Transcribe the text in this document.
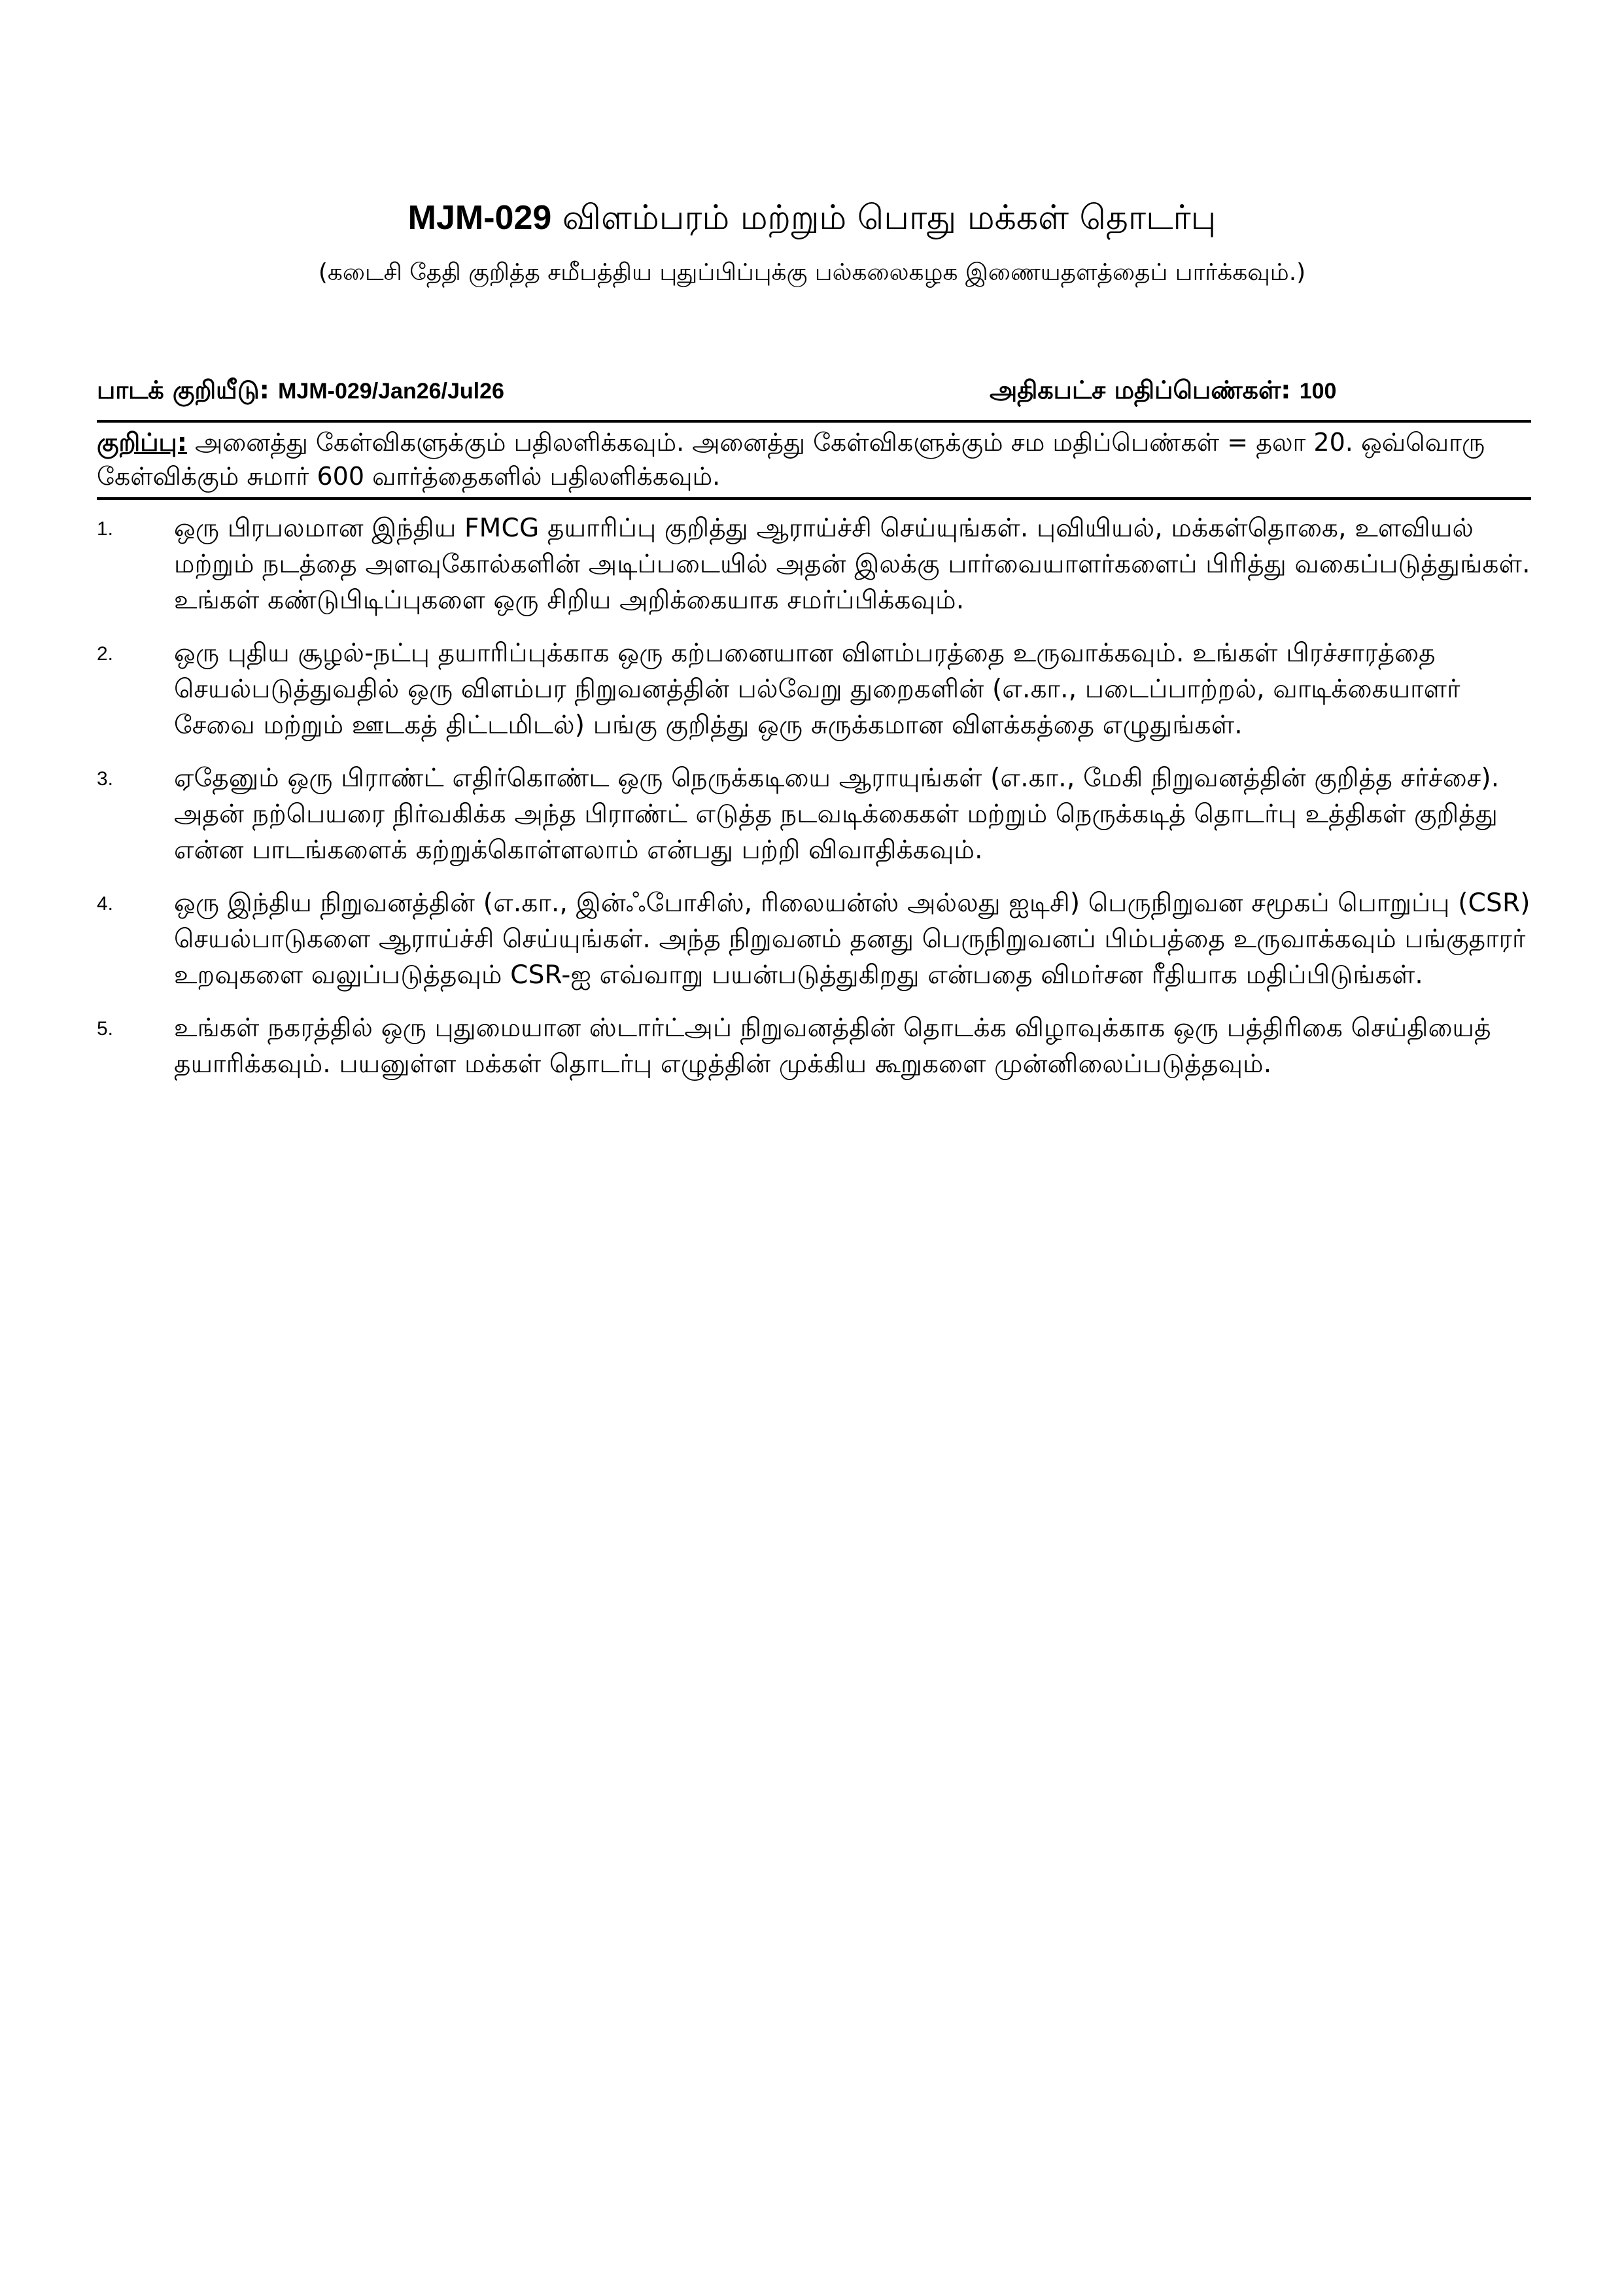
MJM-029 விளம்பரம் மற்றும் பொது மக்கள் தொடர்பு
(கடைசி தேதி குறித்த சமீபத்திய புதுப்பிப்புக்கு பல்கலைகழக இணையதளத்தைப் பார்க்கவும்.)
பாடக் குறியீடு: MJM-029/Jan26/Jul26	அதிகபட்ச மதிப்பெண்கள்: 100
குறிப்பு: அனைத்து கேள்விகளுக்கும் பதிலளிக்கவும். அனைத்து கேள்விகளுக்கும் சம மதிப்பெண்கள் = தலா 20. ஒவ்வொரு கேள்விக்கும் சுமார் 600 வார்த்தைகளில் பதிலளிக்கவும்.
1. ஒரு பிரபலமான இந்திய FMCG தயாரிப்பு குறித்து ஆராய்ச்சி செய்யுங்கள். புவியியல், மக்கள்தொகை, உளவியல் மற்றும் நடத்தை அளவுகோல்களின் அடிப்படையில் அதன் இலக்கு பார்வையாளர்களைப் பிரித்து வகைப்படுத்துங்கள். உங்கள் கண்டுபிடிப்புகளை ஒரு சிறிய அறிக்கையாக சமர்ப்பிக்கவும்.
2. ஒரு புதிய சூழல்-நட்பு தயாரிப்புக்காக ஒரு கற்பனையான விளம்பரத்தை உருவாக்கவும். உங்கள் பிரச்சாரத்தை செயல்படுத்துவதில் ஒரு விளம்பர நிறுவனத்தின் பல்வேறு துறைகளின் (எ.கா., படைப்பாற்றல், வாடிக்கையாளர் சேவை மற்றும் ஊடகத் திட்டமிடல்) பங்கு குறித்து ஒரு சுருக்கமான விளக்கத்தை எழுதுங்கள்.
3. ஏதேனும் ஒரு பிராண்ட் எதிர்கொண்ட ஒரு நெருக்கடியை ஆராயுங்கள் (எ.கா., மேகி நிறுவனத்தின் குறித்த சர்ச்சை). அதன் நற்பெயரை நிர்வகிக்க அந்த பிராண்ட் எடுத்த நடவடிக்கைகள் மற்றும் நெருக்கடித் தொடர்பு உத்திகள் குறித்து என்ன பாடங்களைக் கற்றுக்கொள்ளலாம் என்பது பற்றி விவாதிக்கவும்.
4. ஒரு இந்திய நிறுவனத்தின் (எ.கா., இன்ஃபோசிஸ், ரிலையன்ஸ் அல்லது ஐடிசி) பெருநிறுவன சமூகப் பொறுப்பு (CSR) செயல்பாடுகளை ஆராய்ச்சி செய்யுங்கள். அந்த நிறுவனம் தனது பெருநிறுவனப் பிம்பத்தை உருவாக்கவும் பங்குதாரர் உறவுகளை வலுப்படுத்தவும் CSR-ஐ எவ்வாறு பயன்படுத்துகிறது என்பதை விமர்சன ரீதியாக மதிப்பிடுங்கள்.
5. உங்கள் நகரத்தில் ஒரு புதுமையான ஸ்டார்ட்அப் நிறுவனத்தின் தொடக்க விழாவுக்காக ஒரு பத்திரிகை செய்தியைத் தயாரிக்கவும். பயனுள்ள மக்கள் தொடர்பு எழுத்தின் முக்கிய கூறுகளை முன்னிலைப்படுத்தவும்.
